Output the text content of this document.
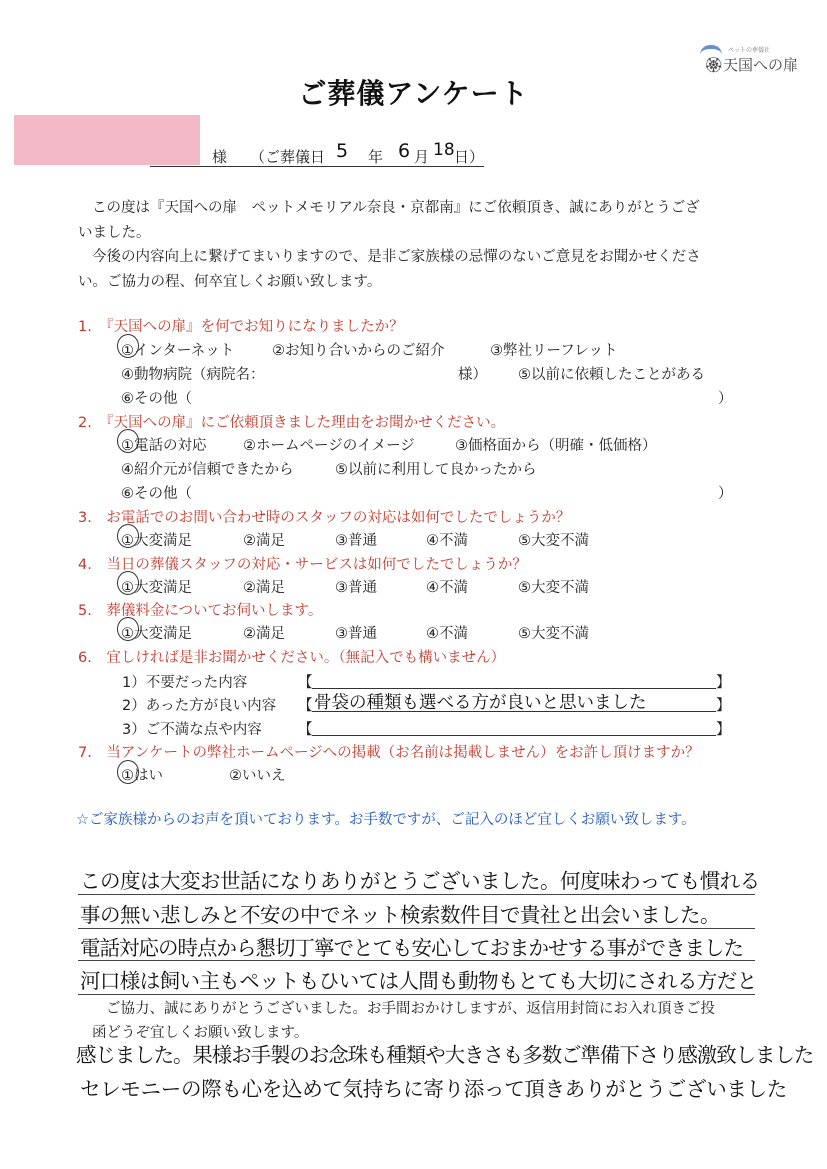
ペットの葬儀社
🏵天国への扉
ご葬儀アンケート
様 （ご葬儀日 5 年 6 月 18 日）

この度は『天国への扉　ペットメモリアル奈良・京都南』にご依頼頂き、誠にありがとうござ

いました。

今後の内容向上に繋げてまいりますので、是非ご家族様の忌憚のないご意見をお聞かせくださ

い。ご協力の程、何卒宜しくお願い致します。

1.　『天国への扉』を何でお知りになりましたか？
①インターネット	②お知り合いからのご紹介	③弊社リーフレット
④動物病院（病院名：	様） ⑤以前に依頼したことがある
⑥その他（	）
2.　『天国への扉』にご依頼頂きました理由をお聞かせください。
①電話の対応	②ホームページのイメージ	③価格面から（明確・低価格）
④紹介元が信頼できたから	⑤以前に利用して良かったから
⑥その他（	）
3.　お電話でのお問い合わせ時のスタッフの対応は如何でしたでしょうか？
①大変満足	②満足	③普通	④不満	⑤大変不満
4.　当日の葬儀スタッフの対応・サービスは如何でしたでしょうか？
①大変満足	②満足	③普通	④不満	⑤大変不満
5.　葬儀料金についてお伺いします。
①大変満足	②満足	③普通	④不満	⑤大変不満
6.　宜しければ是非お聞かせください。（無記入でも構いません）
1）不要だった内容	【	】
2）あった方が良い内容 【 骨袋の種類も選べる方が良いと思いました	】
3）ご不満な点や内容	【	】
7.　当アンケートの弊社ホームページへの掲載（お名前は掲載しません）をお許し頂けますか？
①はい	②いいえ
☆ご家族様からのお声を頂いております。お手数ですが、ご記入のほど宜しくお願い致します。
この度は大変お世話になりありがとうございました。何度味わっても慣れる
事の無い悲しみと不安の中でネット検索数件目で貴社と出会いました。
電話対応の時点から懇切丁寧でとても安心しておまかせする事ができました
河口様は飼い主もペットもひいては人間も動物もとても大切にされる方だと
ご協力、誠にありがとうございました。お手間おかけしますが、返信用封筒にお入れ頂きご投
函どうぞ宜しくお願い致します。
感じました。果様お手製のお念珠も種類や大きさも多数ご準備下さり感激致しました
セレモニーの際も心を込めて気持ちに寄り添って頂きありがとうございました
